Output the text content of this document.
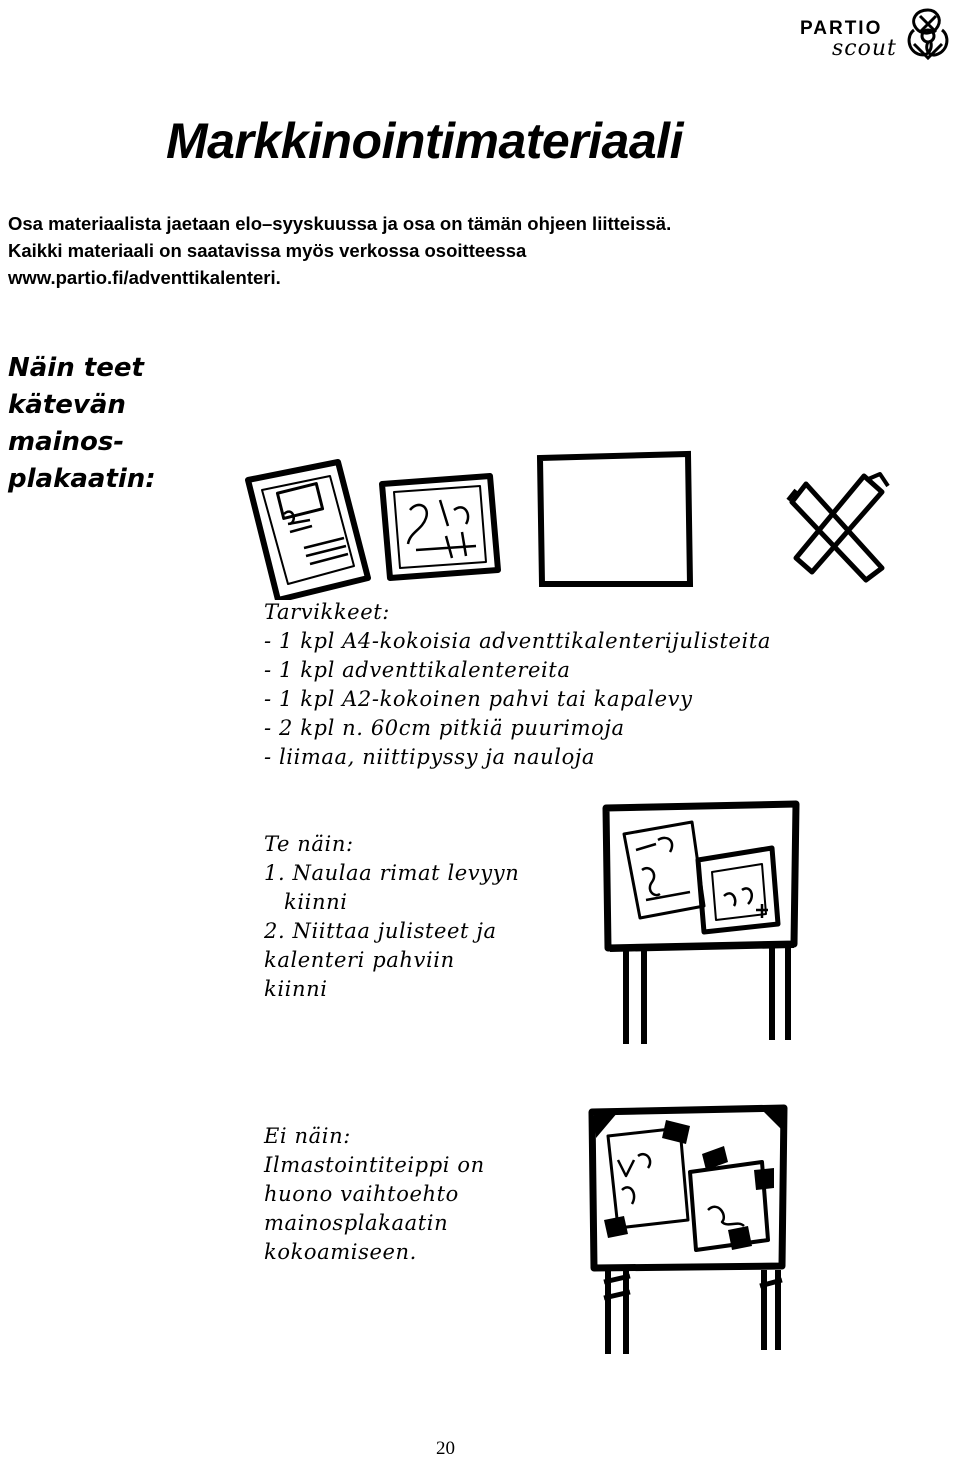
PARTIO
scout
Markkinointimateriaali

Osa materiaalista jaetaan elo–syyskuussa ja osa on tämän ohjeen liitteissä.

Kaikki materiaali on saatavissa myös verkossa osoitteessa

www.partio.fi/adventtikalenteri.

Näin teet

kätevän

mainos-

plakaatin:

Tarvikkeet:

- 1 kpl A4-kokoisia adventtikalenterijulisteita

- 1 kpl adventtikalentereita

- 1 kpl A2-kokoinen pahvi tai kapalevy

- 2 kpl n. 60cm pitkiä puurimoja

- liimaa, niittipyssy ja nauloja

Te näin:

1. Naulaa rimat levyyn

kiinni

2. Niittaa julisteet ja

kalenteri pahviin

kiinni

Ei näin:

Ilmastointiteippi on

huono vaihtoehto

mainosplakaatin

kokoamiseen.

20
